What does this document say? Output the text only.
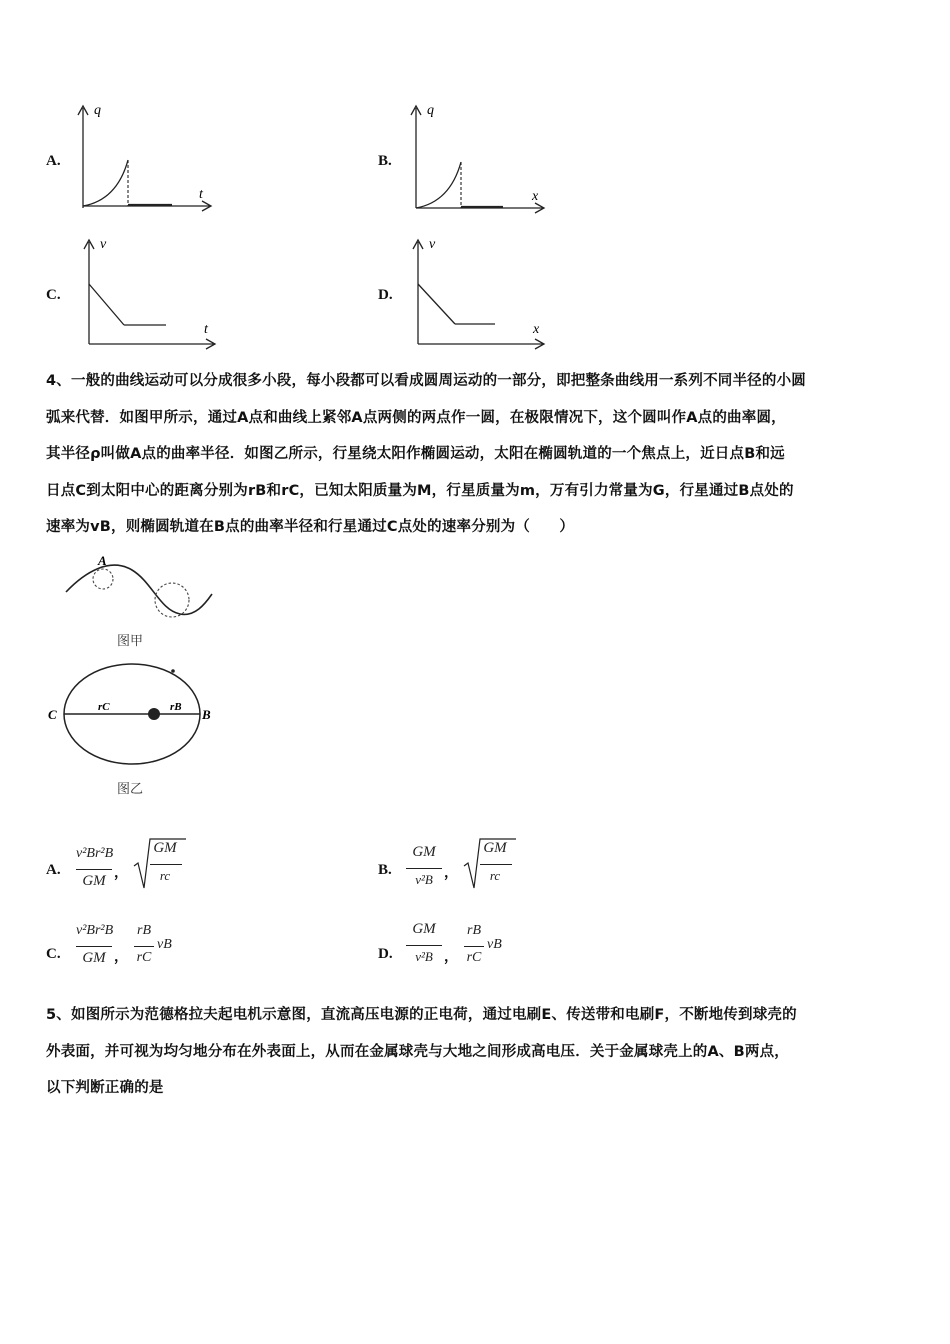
A.
q
t
B.
q
x
C.
v
t
D.
v
x
4、一般的曲线运动可以分成很多小段，每小段都可以看成圆周运动的一部分，即把整条曲线用一系列不同半径的小圆
弧来代替．如图甲所示，通过A点和曲线上紧邻A点两侧的两点作一圆，在极限情况下，这个圆叫作A点的曲率圆，
其半径ρ叫做A点的曲率半径．如图乙所示，行星绕太阳作椭圆运动，太阳在椭圆轨道的一个焦点上，近日点B和远
日点C到太阳中心的距离分别为rB和rC，已知太阳质量为M，行星质量为m，万有引力常量为G，行星通过B点处的
速率为vB，则椭圆轨道在B点的曲率半径和行星通过C点处的速率分别为（　　）
A
图甲
C	B
rC	rB
图乙
A.
v²Br²B
GM ，
GM
rc	B.
GM
v²B ，
GM
rc
C.
v²Br²B
GM ，
rB
rC
vB
D.
GM
v²B ，
rB
rC
vB
5、如图所示为范德格拉夫起电机示意图，直流高压电源的正电荷，通过电刷E、传送带和电刷F，不断地传到球壳的
外表面，并可视为均匀地分布在外表面上，从而在金属球壳与大地之间形成高电压．关于金属球壳上的A、B两点，
以下判断正确的是
